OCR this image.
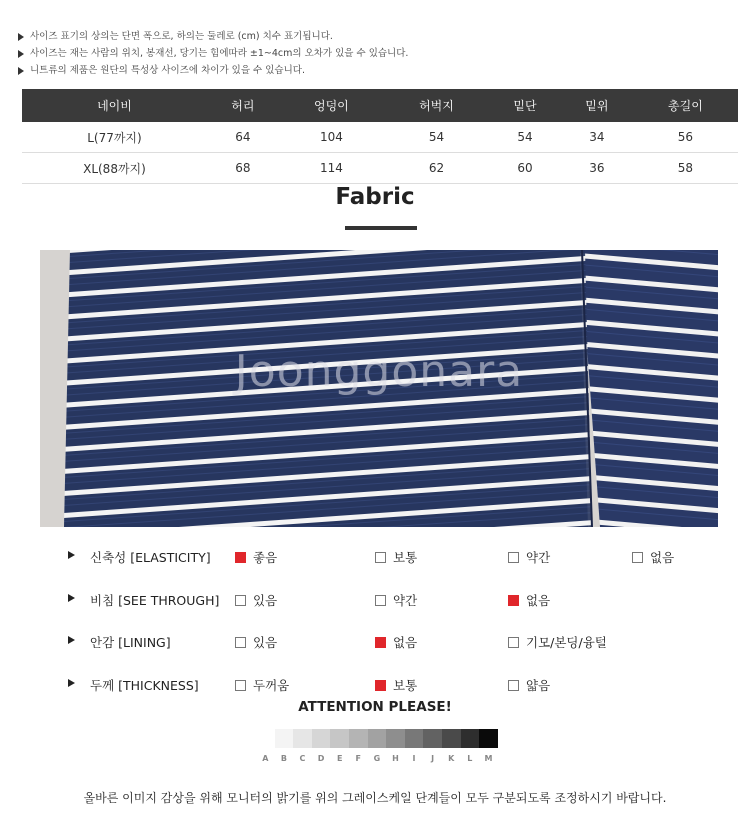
사이즈 표기의 상의는 단면 폭으로, 하의는 둘레로 (cm) 치수 표기됩니다.
사이즈는 재는 사람의 위치, 봉재선, 당기는 힘에따라 ±1~4cm의 오차가 있을 수 있습니다.
니트류의 제품은 원단의 특성상 사이즈에 차이가 있을 수 있습니다.
네이비	허리	엉덩이	허벅지	밑단	밑위	총길이
L(77까지)	64	104	54	54	34	56
XL(88까지)	68	114	62	60	36	58
Fabric
Joonggonara
신축성 [ELASTICITY]	좋음	보통	약간	없음
비침 [SEE THROUGH]	있음	약간	없음
안감 [LINING]	있음	없음	기모/본딩/융털
두께 [THICKNESS]	두꺼움	보통	얇음
ATTENTION PLEASE!
A	B	C	D	E	F	G	H	I	J	K	L	M
올바른 이미지 감상을 위해 모니터의 밝기를 위의 그레이스케일 단계들이 모두 구분되도록 조정하시기 바랍니다.
